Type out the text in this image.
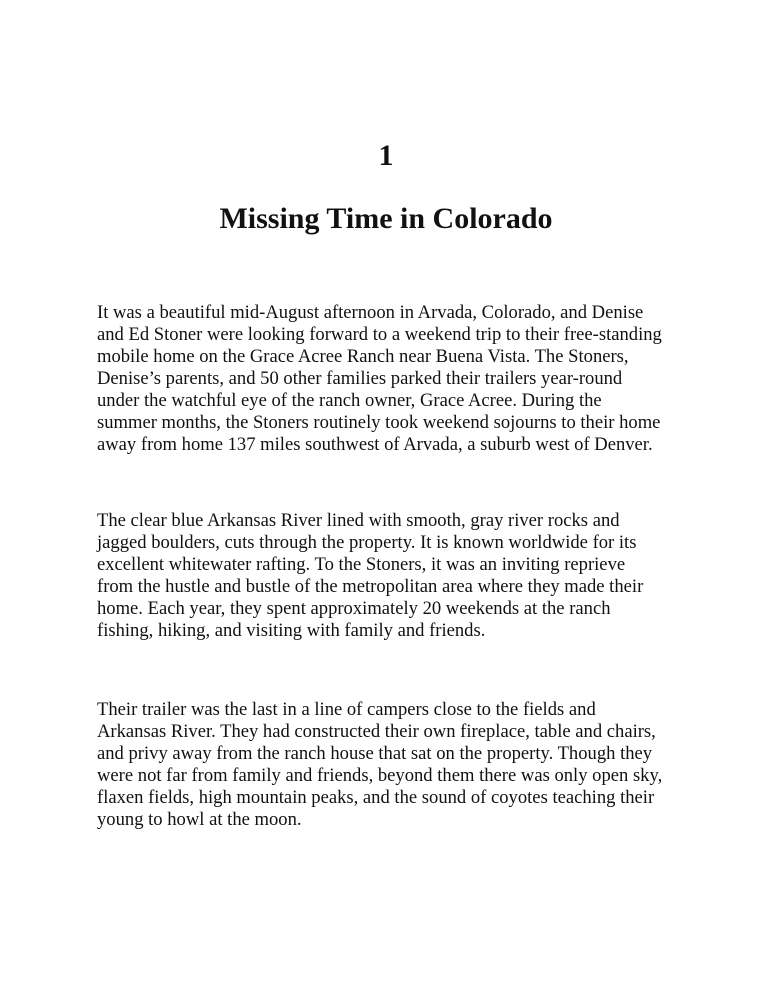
1
Missing Time in Colorado

It was a beautiful mid-August afternoon in Arvada, Colorado, and Denise
and Ed Stoner were looking forward to a weekend trip to their free-standing
mobile home on the Grace Acree Ranch near Buena Vista. The Stoners,
Denise’s parents, and 50 other families parked their trailers year-round
under the watchful eye of the ranch owner, Grace Acree. During the
summer months, the Stoners routinely took weekend sojourns to their home
away from home 137 miles southwest of Arvada, a suburb west of Denver.

The clear blue Arkansas River lined with smooth, gray river rocks and
jagged boulders, cuts through the property. It is known worldwide for its
excellent whitewater rafting. To the Stoners, it was an inviting reprieve
from the hustle and bustle of the metropolitan area where they made their
home. Each year, they spent approximately 20 weekends at the ranch
fishing, hiking, and visiting with family and friends.

Their trailer was the last in a line of campers close to the fields and
Arkansas River. They had constructed their own fireplace, table and chairs,
and privy away from the ranch house that sat on the property. Though they
were not far from family and friends, beyond them there was only open sky,
flaxen fields, high mountain peaks, and the sound of coyotes teaching their
young to howl at the moon.
